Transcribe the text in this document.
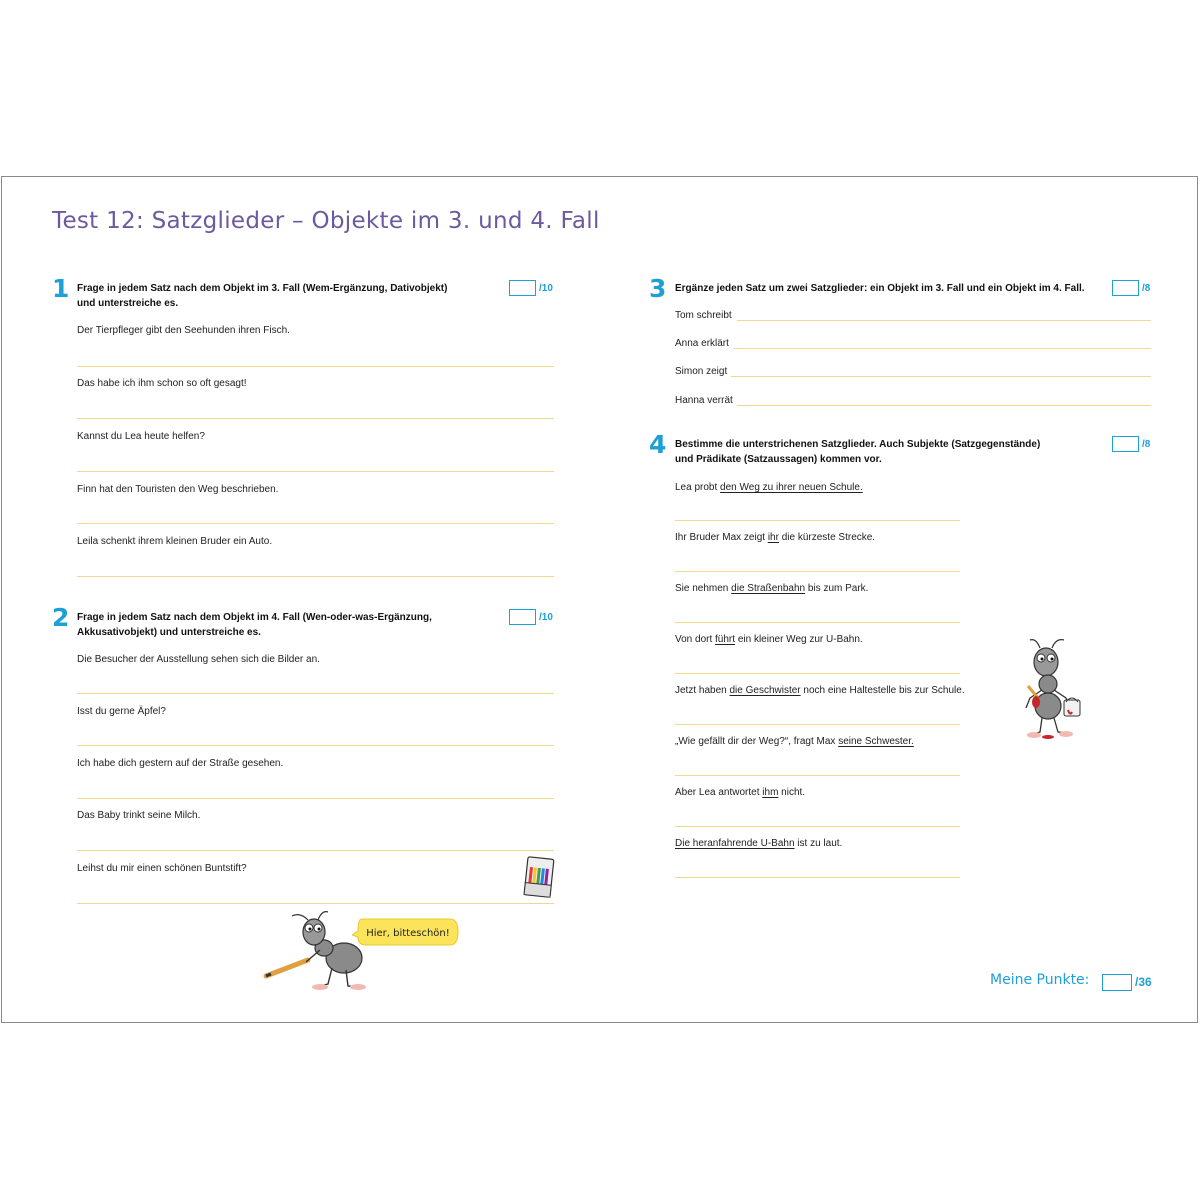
Test 12: Satzglieder – Objekte im 3. und 4. Fall
1 Frage in jedem Satz nach dem Objekt im 3. Fall (Wem-Ergänzung, Dativobjekt)
und unterstreiche es.
/10
Der Tierpfleger gibt den Seehunden ihren Fisch.
Das habe ich ihm schon so oft gesagt!
Kannst du Lea heute helfen?
Finn hat den Touristen den Weg beschrieben.
Leila schenkt ihrem kleinen Bruder ein Auto.
2 Frage in jedem Satz nach dem Objekt im 4. Fall (Wen-oder-was-Ergänzung,
Akkusativobjekt) und unterstreiche es.
/10
Die Besucher der Ausstellung sehen sich die Bilder an.
Isst du gerne Äpfel?
Ich habe dich gestern auf der Straße gesehen.
Das Baby trinkt seine Milch.
Leihst du mir einen schönen Buntstift?
Hier, bitteschön!
3 Ergänze jeden Satz um zwei Satzglieder: ein Objekt im 3. Fall und ein Objekt im 4. Fall.	/8
Tom schreibt
Anna erklärt
Simon zeigt
Hanna verrät
4 Bestimme die unterstrichenen Satzglieder. Auch Subjekte (Satzgegenstände)
und Prädikate (Satzaussagen) kommen vor.
/8
Lea probt den Weg zu ihrer neuen Schule.
Ihr Bruder Max zeigt ihr die kürzeste Strecke.
Sie nehmen die Straßenbahn bis zum Park.
Von dort führt ein kleiner Weg zur U-Bahn.
Jetzt haben die Geschwister noch eine Haltestelle bis zur Schule.
„Wie gefällt dir der Weg?“, fragt Max seine Schwester.
Aber Lea antwortet ihm nicht.
Die heranfahrende U-Bahn ist zu laut.
Meine Punkte:	/36
